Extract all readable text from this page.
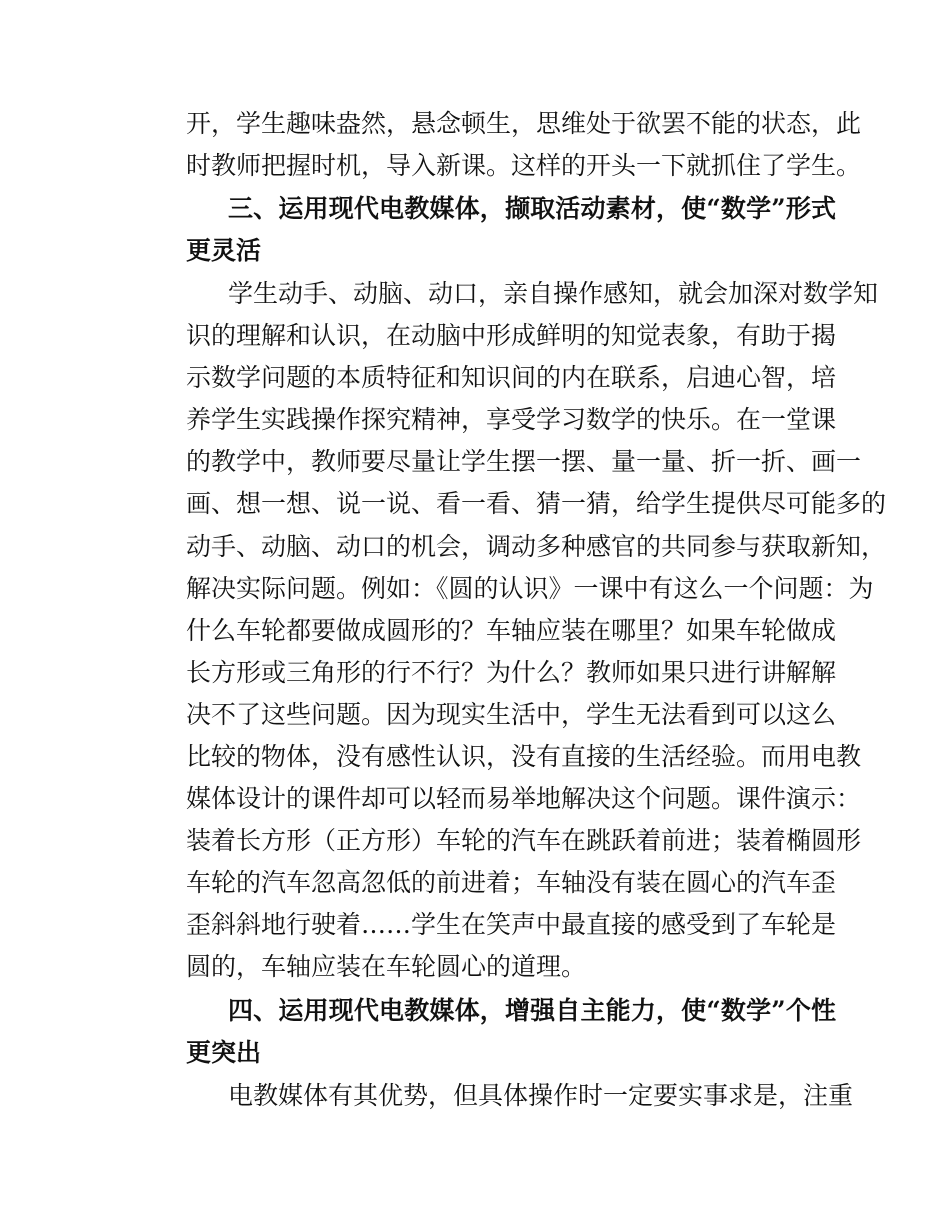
开，学生趣味盎然，悬念顿生，思维处于欲罢不能的状态，此
时教师把握时机，导入新课。这样的开头一下就抓住了学生。
三、运用现代电教媒体，撷取活动素材，使“数学”形式
更灵活
学生动手、动脑、动口，亲自操作感知，就会加深对数学知
识的理解和认识，在动脑中形成鲜明的知觉表象，有助于揭
示数学问题的本质特征和知识间的内在联系，启迪心智，培
养学生实践操作探究精神，享受学习数学的快乐。在一堂课
的教学中，教师要尽量让学生摆一摆、量一量、折一折、画一
画、想一想、说一说、看一看、猜一猜，给学生提供尽可能多的
动手、动脑、动口的机会，调动多种感官的共同参与获取新知，
解决实际问题。例如：《圆的认识》一课中有这么一个问题：为
什么车轮都要做成圆形的？车轴应装在哪里？如果车轮做成
长方形或三角形的行不行？为什么？教师如果只进行讲解解
决不了这些问题。因为现实生活中，学生无法看到可以这么
比较的物体，没有感性认识，没有直接的生活经验。而用电教
媒体设计的课件却可以轻而易举地解决这个问题。课件演示：
装着长方形（正方形）车轮的汽车在跳跃着前进；装着椭圆形
车轮的汽车忽高忽低的前进着；车轴没有装在圆心的汽车歪
歪斜斜地行驶着……学生在笑声中最直接的感受到了车轮是
圆的，车轴应装在车轮圆心的道理。
四、运用现代电教媒体，增强自主能力，使“数学”个性
更突出
电教媒体有其优势，但具体操作时一定要实事求是，注重
